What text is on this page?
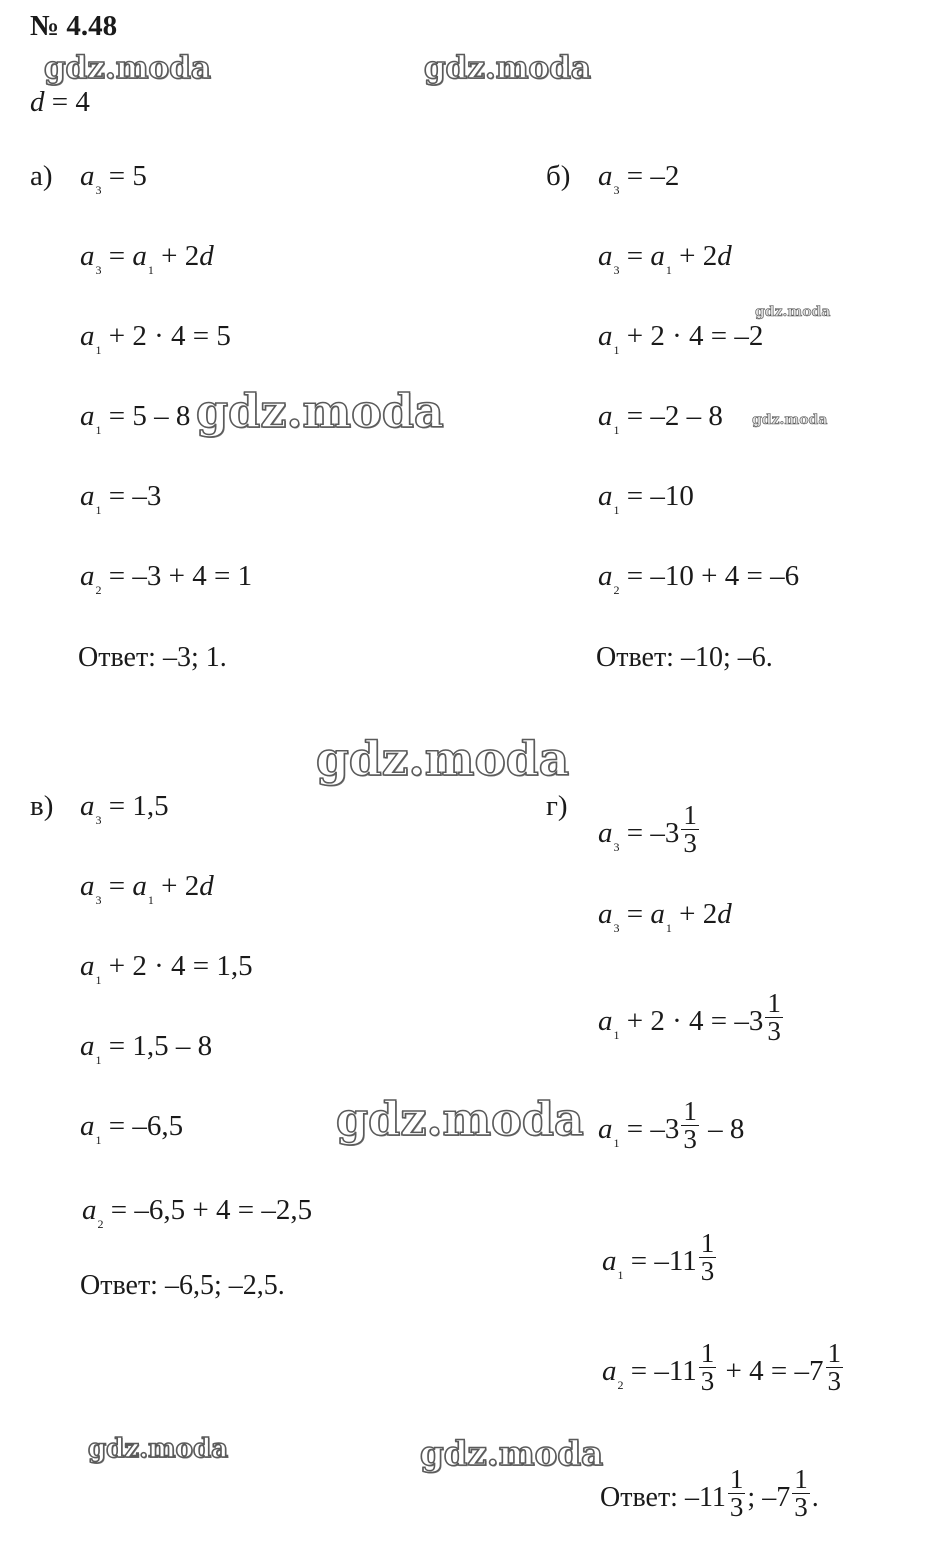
№ 4.48
d = 4
gdz.moda	gdz.moda
gdz.moda
gdz.moda
gdz.moda
gdz.moda
gdz.moda
gdz.moda	gdz.moda
а) $a_3 = 5$
$a_3 = a_1 + 2d$
$a_1 + 2 \cdot 4 = 5$
$a_1 = 5 - 8$
$a_1 = -3$
$a_2 = -3 + 4 = 1$
Ответ: –3; 1.
б) $a_3 = -2$
$a_3 = a_1 + 2d$
$a_1 + 2 \cdot 4 = -2$
$a_1 = -2 - 8$
$a_1 = -10$
$a_2 = -10 + 4 = -6$
Ответ: –10; –6.
в) $a_3 = 1,5$
$a_3 = a_1 + 2d$
$a_1 + 2 \cdot 4 = 1,5$
$a_1 = 1,5 - 8$
$a_1 = -6,5$
$a_2 = -6,5 + 4 = -2,5$
Ответ: –6,5; –2,5.
г)
$a_3 = -3 \frac{1}{3}$
$a_3 = a_1 + 2d$
$a_1 + 2 \cdot 4 = -3 \frac{1}{3}$
$a_1 = -3 \frac{1}{3} - 8$
$a_1 = -11 \frac{1}{3}$
$a_2 = -11 \frac{1}{3} + 4 = -7 \frac{1}{3}$
Ответ: $-11 \frac{1}{3}$ ; $-7 \frac{1}{3}$ .
